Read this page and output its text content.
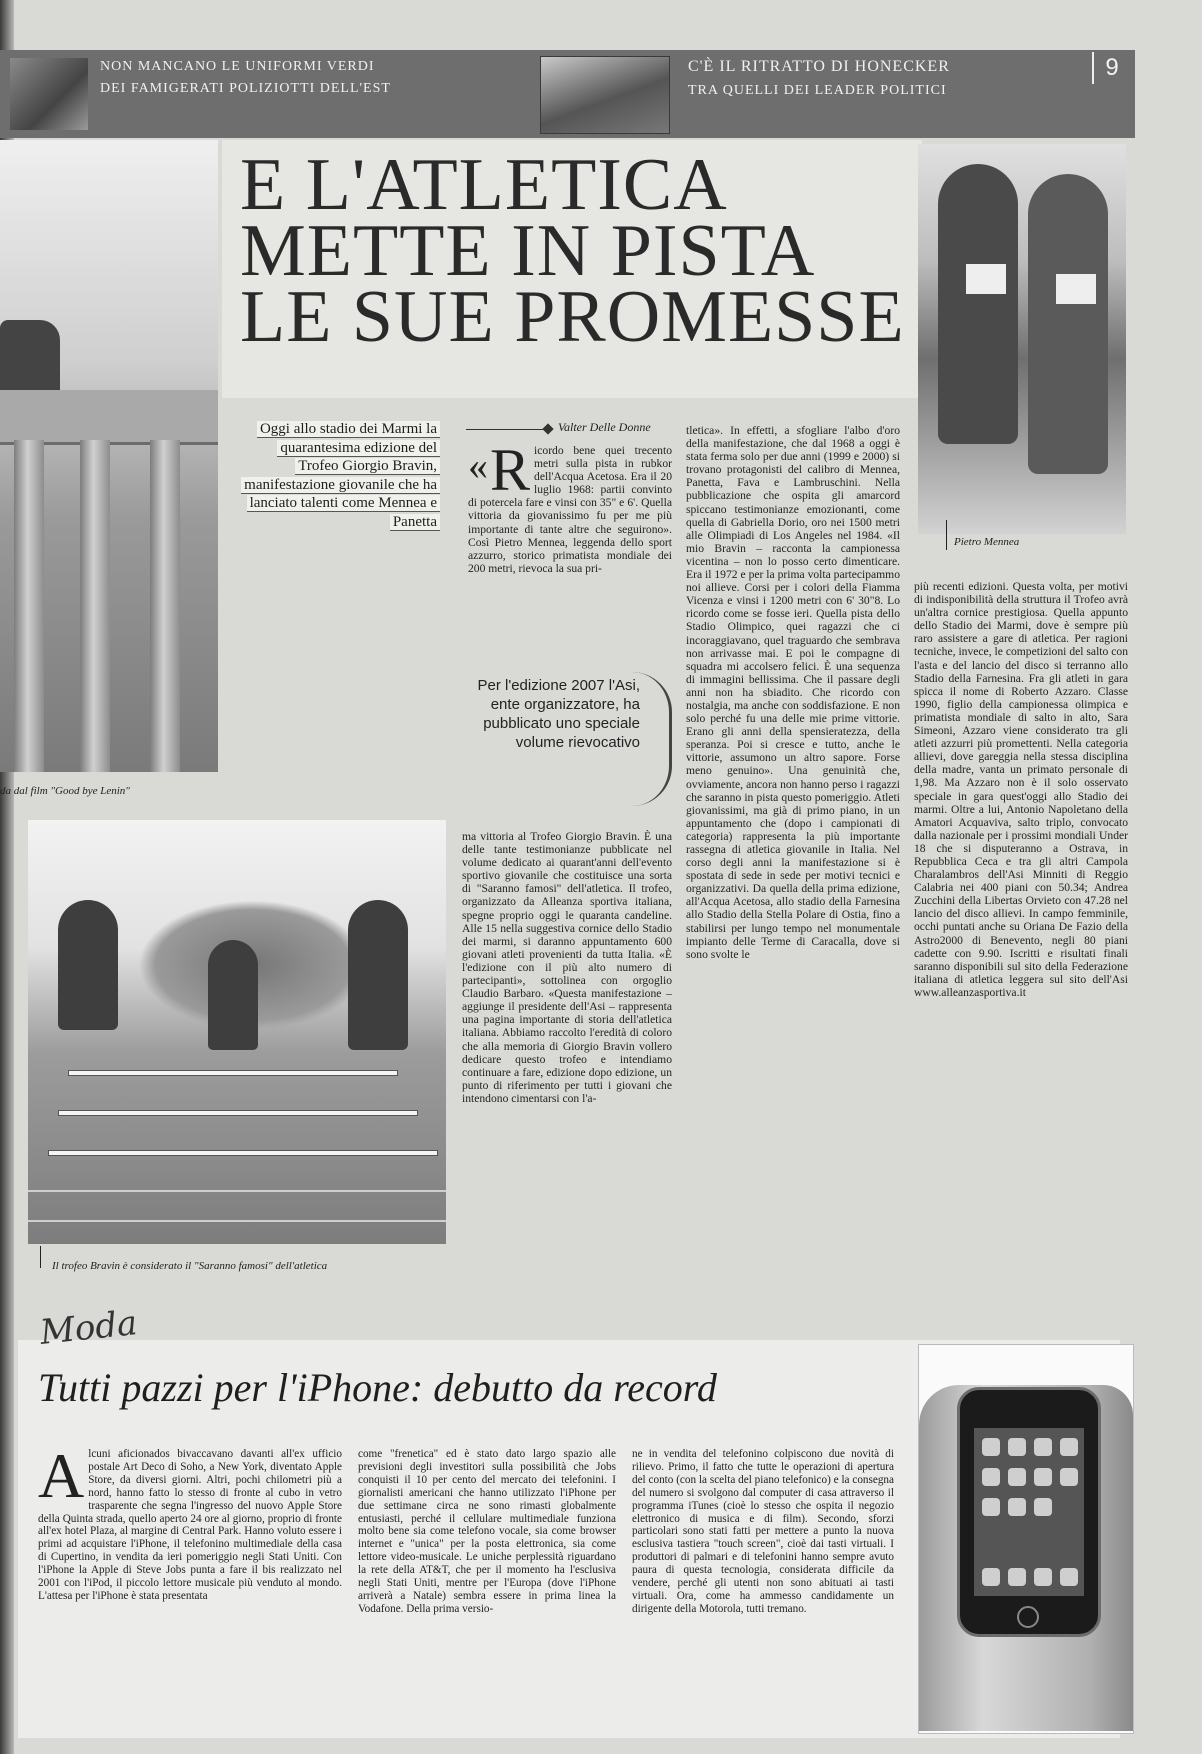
NON MANCANO LE UNIFORMI VERDI
DEI FAMIGERATI POLIZIOTTI DELL'EST
C'È IL RITRATTO DI HONECKER
TRA QUELLI DEI LEADER POLITICI
9
da dal film "Good bye Lenin"
E L'ATLETICA
METTE IN PISTA
LE SUE PROMESSE
Pietro Mennea
Oggi allo stadio dei Marmi la quarantesima edizione del Trofeo Giorgio Bravin, manifestazione giovanile che ha lanciato talenti come Mennea e Panetta
Valter Delle Donne
« R icordo bene quei trecento metri sulla pista in rubkor dell'Acqua Acetosa. Era il 20 luglio 1968: partii convinto di potercela fare e vinsi con 35" e 6'. Quella vittoria da giovanissimo fu per me più importante di tante altre che seguirono». Così Pietro Mennea, leggenda dello sport azzurro, storico primatista mondiale dei 200 metri, rievoca la sua pri-
Per l'edizione 2007 l'Asi, ente organizzatore, ha pubblicato uno speciale volume rievocativo
ma vittoria al Trofeo Giorgio Bravin. È una delle tante testimonianze pubblicate nel volume dedicato ai quarant'anni dell'evento sportivo giovanile che costituisce una sorta di "Saranno famosi" dell'atletica. Il trofeo, organizzato da Alleanza sportiva italiana, spegne proprio oggi le quaranta candeline. Alle 15 nella suggestiva cornice dello Stadio dei marmi, si daranno appuntamento 600 giovani atleti provenienti da tutta Italia. «È l'edizione con il più alto numero di partecipanti», sottolinea con orgoglio Claudio Barbaro. «Questa manifestazione – aggiunge il presidente dell'Asi – rappresenta una pagina importante di storia dell'atletica italiana. Abbiamo raccolto l'eredità di coloro che alla memoria di Giorgio Bravin vollero dedicare questo trofeo e intendiamo continuare a fare, edizione dopo edizione, un punto di riferimento per tutti i giovani che intendono cimentarsi con l'a-
tletica». In effetti, a sfogliare l'albo d'oro della manifestazione, che dal 1968 a oggi è stata ferma solo per due anni (1999 e 2000) si trovano protagonisti del calibro di Mennea, Panetta, Fava e Lambruschini. Nella pubblicazione che ospita gli amarcord spiccano testimonianze emozionanti, come quella di Gabriella Dorio, oro nei 1500 metri alle Olimpiadi di Los Angeles nel 1984. «Il mio Bravin – racconta la campionessa vicentina – non lo posso certo dimenticare. Era il 1972 e per la prima volta partecipammo noi allieve. Corsi per i colori della Fiamma Vicenza e vinsi i 1200 metri con 6' 30"8. Lo ricordo come se fosse ieri. Quella pista dello Stadio Olimpico, quei ragazzi che ci incoraggiavano, quel traguardo che sembrava non arrivasse mai. E poi le compagne di squadra mi accolsero felici. È una sequenza di immagini bellissima. Che il passare degli anni non ha sbiadito. Che ricordo con nostalgia, ma anche con soddisfazione. E non solo perché fu una delle mie prime vittorie. Erano gli anni della spensieratezza, della speranza. Poi si cresce e tutto, anche le vittorie, assumono un altro sapore. Forse meno genuino». Una genuinità che, ovviamente, ancora non hanno perso i ragazzi che saranno in pista questo pomeriggio. Atleti giovanissimi, ma già di primo piano, in un appuntamento che (dopo i campionati di categoria) rappresenta la più importante rassegna di atletica giovanile in Italia. Nel corso degli anni la manifestazione si è spostata di sede in sede per motivi tecnici e organizzativi. Da quella della prima edizione, all'Acqua Acetosa, allo stadio della Farnesina allo Stadio della Stella Polare di Ostia, fino a stabilirsi per lungo tempo nel monumentale impianto delle Terme di Caracalla, dove si sono svolte le
più recenti edizioni. Questa volta, per motivi di indisponibilità della struttura il Trofeo avrà un'altra cornice prestigiosa. Quella appunto dello Stadio dei Marmi, dove è sempre più raro assistere a gare di atletica. Per ragioni tecniche, invece, le competizioni del salto con l'asta e del lancio del disco si terranno allo Stadio della Farnesina. Fra gli atleti in gara spicca il nome di Roberto Azzaro. Classe 1990, figlio della campionessa olimpica e primatista mondiale di salto in alto, Sara Simeoni, Azzaro viene considerato tra gli atleti azzurri più promettenti. Nella categoria allievi, dove gareggia nella stessa disciplina della madre, vanta un primato personale di 1,98. Ma Azzaro non è il solo osservato speciale in gara quest'oggi allo Stadio dei marmi. Oltre a lui, Antonio Napoletano della Amatori Acquaviva, salto triplo, convocato dalla nazionale per i prossimi mondiali Under 18 che si disputeranno a Ostrava, in Repubblica Ceca e tra gli altri Campola Charalambros dell'Asi Minniti di Reggio Calabria nei 400 piani con 50.34; Andrea Zucchini della Libertas Orvieto con 47.28 nel lancio del disco allievi. In campo femminile, occhi puntati anche su Oriana De Fazio della Astro2000 di Benevento, negli 80 piani cadette con 9.90. Iscritti e risultati finali saranno disponibili sul sito della Federazione italiana di atletica leggera sul sito dell'Asi www.alleanzasportiva.it
Il trofeo Bravin è considerato il "Saranno famosi" dell'atletica
Moda
Tutti pazzi per l'iPhone: debutto da record
Alcuni aficionados bivaccavano davanti all'ex ufficio postale Art Deco di Soho, a New York, diventato Apple Store, da diversi giorni. Altri, pochi chilometri più a nord, hanno fatto lo stesso di fronte al cubo in vetro trasparente che segna l'ingresso del nuovo Apple Store della Quinta strada, quello aperto 24 ore al giorno, proprio di fronte all'ex hotel Plaza, al margine di Central Park. Hanno voluto essere i primi ad acquistare l'iPhone, il telefonino multimediale della casa di Cupertino, in vendita da ieri pomeriggio negli Stati Uniti. Con l'iPhone la Apple di Steve Jobs punta a fare il bis realizzato nel 2001 con l'iPod, il piccolo lettore musicale più venduto al mondo. L'attesa per l'iPhone è stata presentata
come "frenetica" ed è stato dato largo spazio alle previsioni degli investitori sulla possibilità che Jobs conquisti il 10 per cento del mercato dei telefonini. I giornalisti americani che hanno utilizzato l'iPhone per due settimane circa ne sono rimasti globalmente entusiasti, perché il cellulare multimediale funziona molto bene sia come telefono vocale, sia come browser internet e "unica" per la posta elettronica, sia come lettore video-musicale. Le uniche perplessità riguardano la rete della AT&T, che per il momento ha l'esclusiva negli Stati Uniti, mentre per l'Europa (dove l'iPhone arriverà a Natale) sembra essere in prima linea la Vodafone. Della prima versio-
ne in vendita del telefonino colpiscono due novità di rilievo. Primo, il fatto che tutte le operazioni di apertura del conto (con la scelta del piano telefonico) e la consegna del numero si svolgono dal computer di casa attraverso il programma iTunes (cioè lo stesso che ospita il negozio elettronico di musica e di film). Secondo, sforzi particolari sono stati fatti per mettere a punto la nuova esclusiva tastiera "touch screen", cioè dai tasti virtuali. I produttori di palmari e di telefonini hanno sempre avuto paura di questa tecnologia, considerata difficile da vendere, perché gli utenti non sono abituati ai tasti virtuali. Ora, come ha ammesso candidamente un dirigente della Motorola, tutti tremano.
